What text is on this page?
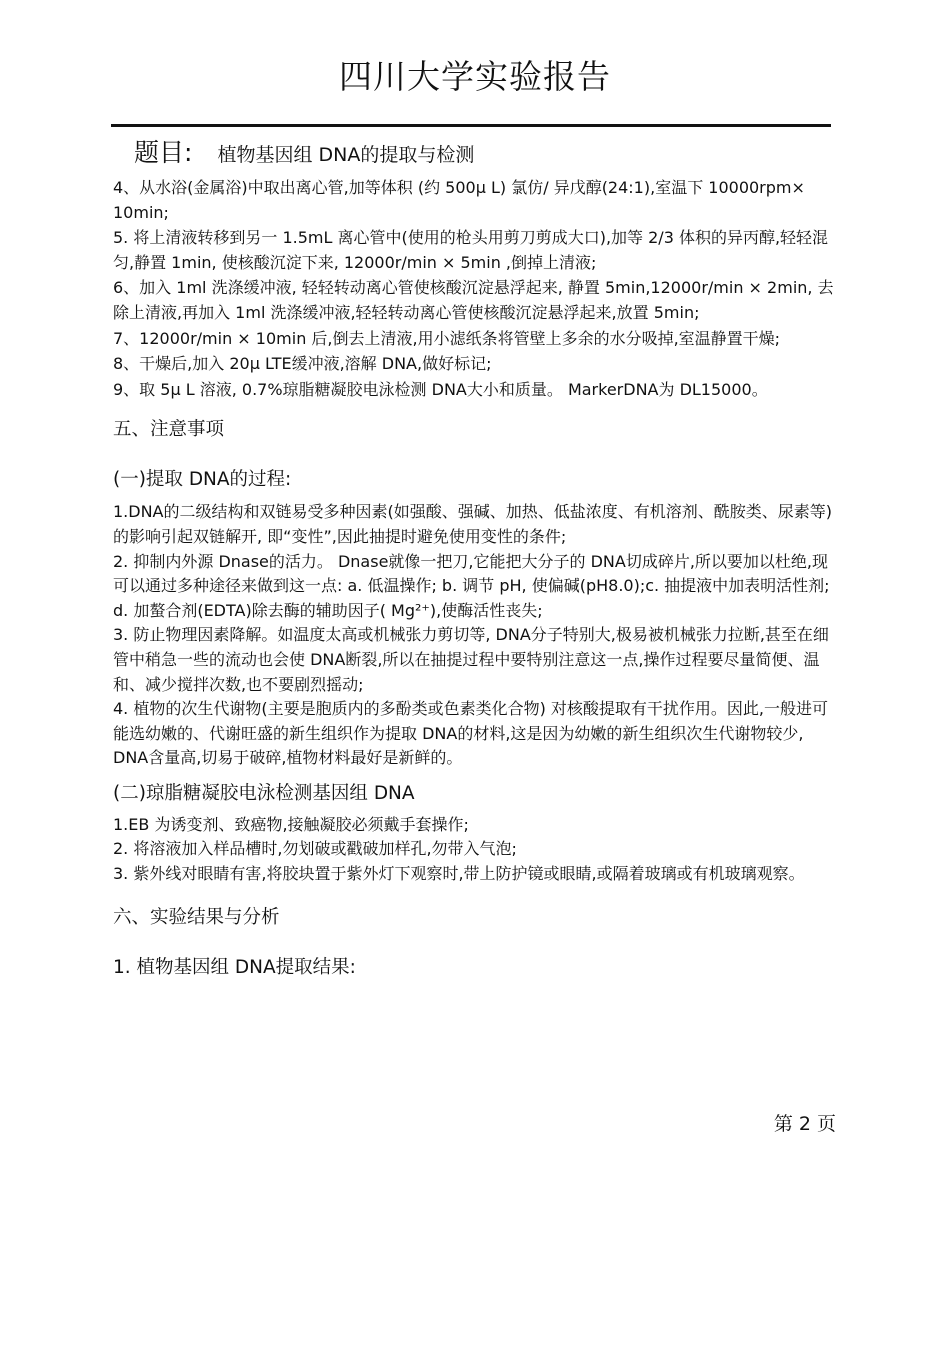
四川大学实验报告
题目: 植物基因组 DNA的提取与检测

4、从水浴(金属浴)中取出离心管,加等体积 (约 500μ L) 氯仿/ 异戊醇(24:1),室温下 10000rpm× 10min;

5. 将上清液转移到另一 1.5mL 离心管中(使用的枪头用剪刀剪成大口),加等 2/3 体积的异丙醇,轻轻混匀,静置 1min, 使核酸沉淀下来, 12000r/min × 5min ,倒掉上清液;

6、加入 1ml 洗涤缓冲液, 轻轻转动离心管使核酸沉淀悬浮起来, 静置 5min,12000r/min × 2min, 去除上清液,再加入 1ml 洗涤缓冲液,轻轻转动离心管使核酸沉淀悬浮起来,放置 5min;

7、12000r/min × 10min 后,倒去上清液,用小滤纸条将管壁上多余的水分吸掉,室温静置干燥;

8、干燥后,加入 20μ LTE缓冲液,溶解 DNA,做好标记;

9、取 5μ L 溶液, 0.7%琼脂糖凝胶电泳检测 DNA大小和质量。 MarkerDNA为 DL15000。

五、注意事项

(一)提取 DNA的过程:

1.DNA的二级结构和双链易受多种因素(如强酸、强碱、加热、低盐浓度、有机溶剂、酰胺类、尿素等)的影响引起双链解开, 即“变性”,因此抽提时避免使用变性的条件;

2. 抑制内外源 Dnase的活力。 Dnase就像一把刀,它能把大分子的 DNA切成碎片,所以要加以杜绝,现可以通过多种途径来做到这一点: a. 低温操作; b. 调节 pH, 使偏碱(pH8.0);c. 抽提液中加表明活性剂; d. 加螯合剂(EDTA)除去酶的辅助因子( Mg²⁺),使酶活性丧失;

3. 防止物理因素降解。如温度太高或机械张力剪切等, DNA分子特别大,极易被机械张力拉断,甚至在细管中稍急一些的流动也会使 DNA断裂,所以在抽提过程中要特别注意这一点,操作过程要尽量简便、温和、减少搅拌次数,也不要剧烈摇动;

4. 植物的次生代谢物(主要是胞质内的多酚类或色素类化合物) 对核酸提取有干扰作用。因此,一般进可能选幼嫩的、代谢旺盛的新生组织作为提取 DNA的材料,这是因为幼嫩的新生组织次生代谢物较少, DNA含量高,切易于破碎,植物材料最好是新鲜的。

(二)琼脂糖凝胶电泳检测基因组 DNA

1.EB 为诱变剂、致癌物,接触凝胶必须戴手套操作;

2. 将溶液加入样品槽时,勿划破或戳破加样孔,勿带入气泡;

3. 紫外线对眼睛有害,将胶块置于紫外灯下观察时,带上防护镜或眼睛,或隔着玻璃或有机玻璃观察。

六、实验结果与分析

1. 植物基因组 DNA提取结果:

第 2 页
